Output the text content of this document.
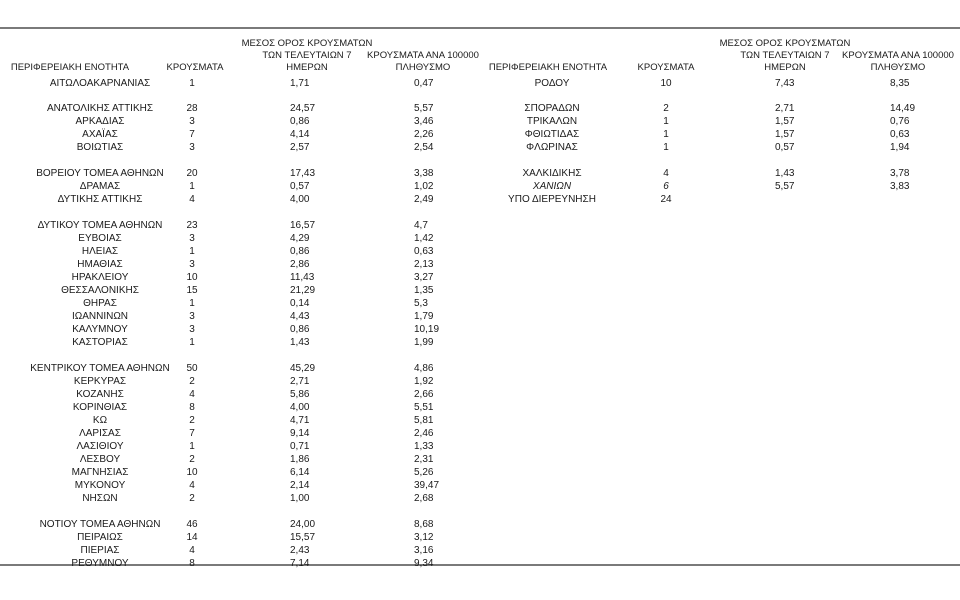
ΠΕΡΙΦΕΡΕΙΑΚΗ ΕΝΟΤΗΤΑ	ΚΡΟΥΣΜΑΤΑ
ΜΕΣΟΣ ΟΡΟΣ ΚΡΟΥΣΜΑΤΩΝ
ΤΩΝ ΤΕΛΕΥΤΑΙΩΝ 7
ΗΜΕΡΩΝ
ΚΡΟΥΣΜΑΤΑ ΑΝΑ 100000
ΠΛΗΘΥΣΜΟ	ΠΕΡΙΦΕΡΕΙΑΚΗ ΕΝΟΤΗΤΑ	ΚΡΟΥΣΜΑΤΑ
ΜΕΣΟΣ ΟΡΟΣ ΚΡΟΥΣΜΑΤΩΝ
ΤΩΝ ΤΕΛΕΥΤΑΙΩΝ 7
ΗΜΕΡΩΝ
ΚΡΟΥΣΜΑΤΑ ΑΝΑ 100000
ΠΛΗΘΥΣΜΟ
ΑΙΤΩΛΟΑΚΑΡΝΑΝΙΑΣ	1	1,71	0,47
ΑΝΑΤΟΛΙΚΗΣ ΑΤΤΙΚΗΣ	28	24,57	5,57
ΑΡΚΑΔΙΑΣ	3	0,86	3,46
ΑΧΑΪΑΣ	7	4,14	2,26
ΒΟΙΩΤΙΑΣ	3	2,57	2,54
ΒΟΡΕΙΟΥ ΤΟΜΕΑ ΑΘΗΝΩΝ	20	17,43	3,38
ΔΡΑΜΑΣ	1	0,57	1,02
ΔΥΤΙΚΗΣ ΑΤΤΙΚΗΣ	4	4,00	2,49
ΔΥΤΙΚΟΥ ΤΟΜΕΑ ΑΘΗΝΩΝ	23	16,57	4,7
ΕΥΒΟΙΑΣ	3	4,29	1,42
ΗΛΕΙΑΣ	1	0,86	0,63
ΗΜΑΘΙΑΣ	3	2,86	2,13
ΗΡΑΚΛΕΙΟΥ	10	11,43	3,27
ΘΕΣΣΑΛΟΝΙΚΗΣ	15	21,29	1,35
ΘΗΡΑΣ	1	0,14	5,3
ΙΩΑΝΝΙΝΩΝ	3	4,43	1,79
ΚΑΛΥΜΝΟΥ	3	0,86	10,19
ΚΑΣΤΟΡΙΑΣ	1	1,43	1,99
ΚΕΝΤΡΙΚΟΥ ΤΟΜΕΑ ΑΘΗΝΩΝ	50	45,29	4,86
ΚΕΡΚΥΡΑΣ	2	2,71	1,92
ΚΟΖΑΝΗΣ	4	5,86	2,66
ΚΟΡΙΝΘΙΑΣ	8	4,00	5,51
ΚΩ	2	4,71	5,81
ΛΑΡΙΣΑΣ	7	9,14	2,46
ΛΑΣΙΘΙΟΥ	1	0,71	1,33
ΛΕΣΒΟΥ	2	1,86	2,31
ΜΑΓΝΗΣΙΑΣ	10	6,14	5,26
ΜΥΚΟΝΟΥ	4	2,14	39,47
ΝΗΣΩΝ	2	1,00	2,68
ΝΟΤΙΟΥ ΤΟΜΕΑ ΑΘΗΝΩΝ	46	24,00	8,68
ΠΕΙΡΑΙΩΣ	14	15,57	3,12
ΠΙΕΡΙΑΣ	4	2,43	3,16
ΡΕΘΥΜΝΟΥ	8	7,14	9,34
ΡΟΔΟΥ	10	7,43	8,35
ΣΠΟΡΑΔΩΝ	2	2,71	14,49
ΤΡΙΚΑΛΩΝ	1	1,57	0,76
ΦΘΙΩΤΙΔΑΣ	1	1,57	0,63
ΦΛΩΡΙΝΑΣ	1	0,57	1,94
ΧΑΛΚΙΔΙΚΗΣ	4	1,43	3,78
ΧΑΝΙΩΝ	6	5,57	3,83
ΥΠΟ ΔΙΕΡΕΥΝΗΣΗ	24
